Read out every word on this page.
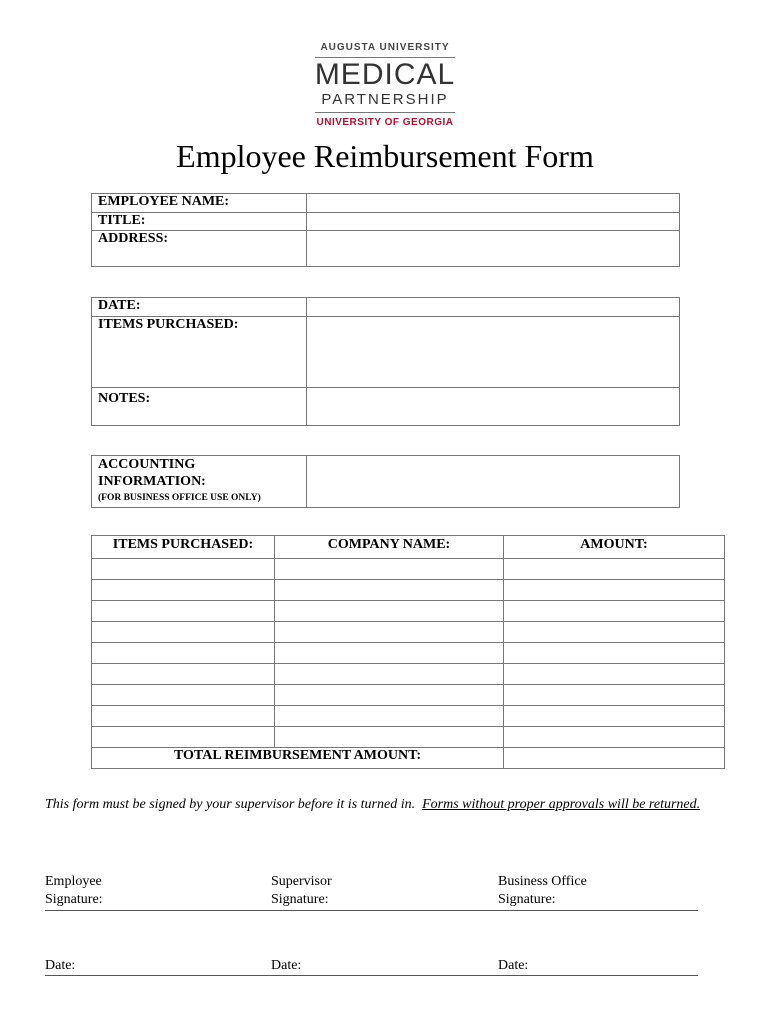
AUGUSTA UNIVERSITY
MEDICAL
PARTNERSHIP
UNIVERSITY OF GEORGIA
Employee Reimbursement Form
EMPLOYEE NAME:	
TITLE:	
ADDRESS:	
DATE:	
ITEMS PURCHASED:	
NOTES:	
ACCOUNTING
INFORMATION:
(FOR BUSINESS OFFICE USE ONLY)

ITEMS PURCHASED:	COMPANY NAME:	AMOUNT:

TOTAL REIMBURSEMENT AMOUNT:		
This form must be signed by your supervisor before it is turned in. Forms without proper approvals will be returned.
Employee
Signature:
Supervisor
Signature:
Business Office
Signature:
Date:	Date:	Date:
